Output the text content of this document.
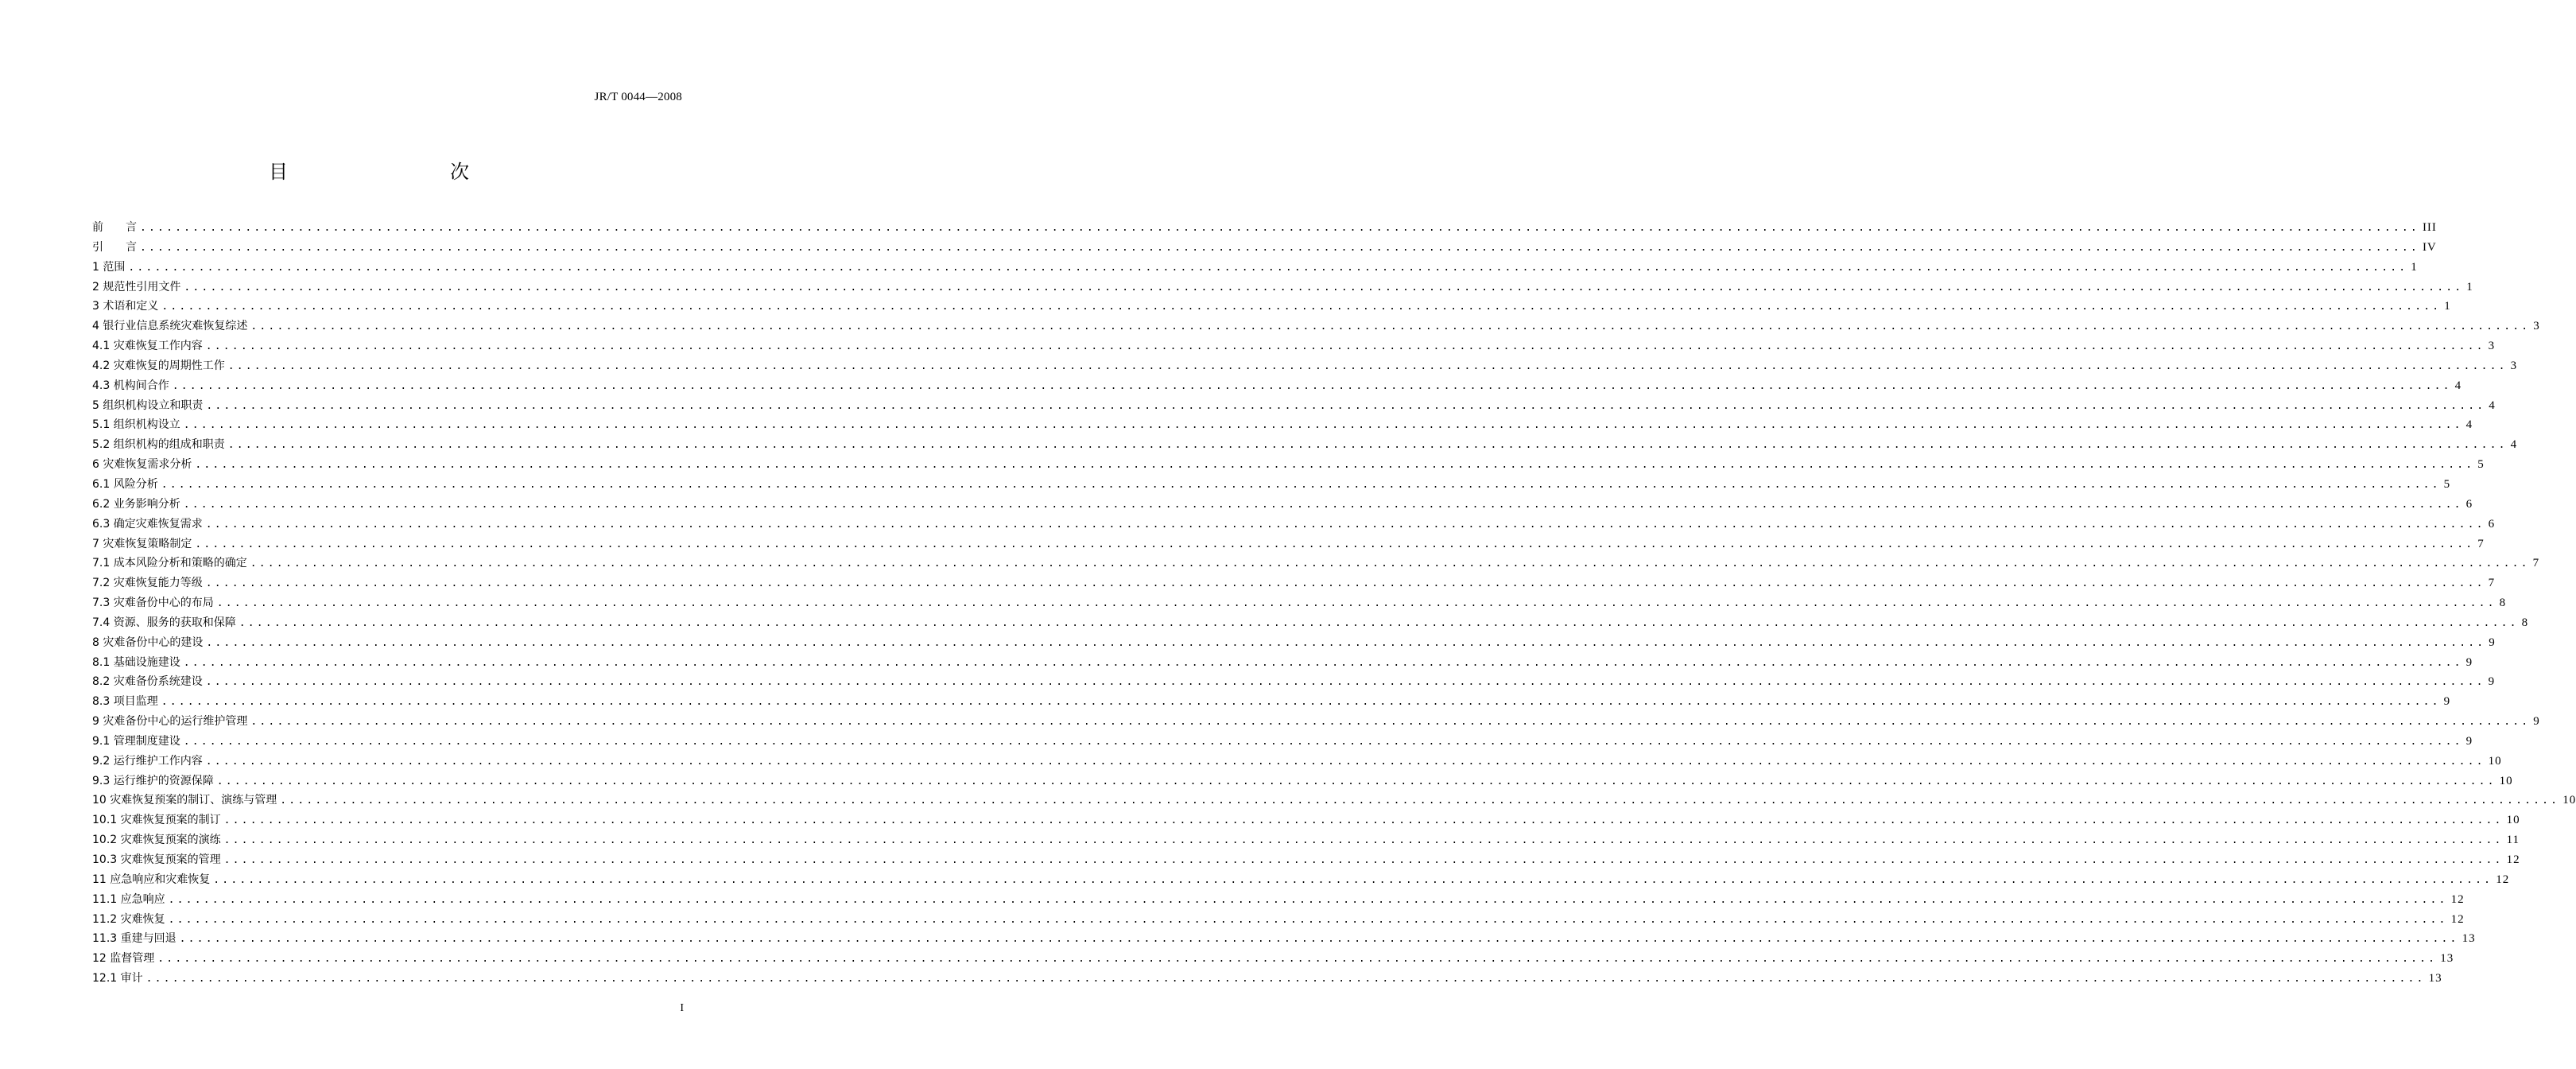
JR/T 0044—2008
目　　次
前　　言 .................................................................................................................................................................................................................................................................... III
引　　言 .................................................................................................................................................................................................................................................................... IV
1 范围 .................................................................................................................................................................................................................................................................... 1
2 规范性引用文件 .................................................................................................................................................................................................................................................................... 1
3 术语和定义 .................................................................................................................................................................................................................................................................... 1
4 银行业信息系统灾难恢复综述 .................................................................................................................................................................................................................................................................... 3
4.1 灾难恢复工作内容 .................................................................................................................................................................................................................................................................... 3
4.2 灾难恢复的周期性工作 .................................................................................................................................................................................................................................................................... 3
4.3 机构间合作 .................................................................................................................................................................................................................................................................... 4
5 组织机构设立和职责 .................................................................................................................................................................................................................................................................... 4
5.1 组织机构设立 .................................................................................................................................................................................................................................................................... 4
5.2 组织机构的组成和职责 .................................................................................................................................................................................................................................................................... 4
6 灾难恢复需求分析 .................................................................................................................................................................................................................................................................... 5
6.1 风险分析 .................................................................................................................................................................................................................................................................... 5
6.2 业务影响分析 .................................................................................................................................................................................................................................................................... 6
6.3 确定灾难恢复需求 .................................................................................................................................................................................................................................................................... 6
7 灾难恢复策略制定 .................................................................................................................................................................................................................................................................... 7
7.1 成本风险分析和策略的确定 .................................................................................................................................................................................................................................................................... 7
7.2 灾难恢复能力等级 .................................................................................................................................................................................................................................................................... 7
7.3 灾难备份中心的布局 .................................................................................................................................................................................................................................................................... 8
7.4 资源、服务的获取和保障 .................................................................................................................................................................................................................................................................... 8
8 灾难备份中心的建设 .................................................................................................................................................................................................................................................................... 9
8.1 基础设施建设 .................................................................................................................................................................................................................................................................... 9
8.2 灾难备份系统建设 .................................................................................................................................................................................................................................................................... 9
8.3 项目监理 .................................................................................................................................................................................................................................................................... 9
9 灾难备份中心的运行维护管理 .................................................................................................................................................................................................................................................................... 9
9.1 管理制度建设 .................................................................................................................................................................................................................................................................... 9
9.2 运行维护工作内容 .................................................................................................................................................................................................................................................................... 10
9.3 运行维护的资源保障 .................................................................................................................................................................................................................................................................... 10
10 灾难恢复预案的制订、演练与管理 .................................................................................................................................................................................................................................................................... 10
10.1 灾难恢复预案的制订 .................................................................................................................................................................................................................................................................... 10
10.2 灾难恢复预案的演练 .................................................................................................................................................................................................................................................................... 11
10.3 灾难恢复预案的管理 .................................................................................................................................................................................................................................................................... 12
11 应急响应和灾难恢复 .................................................................................................................................................................................................................................................................... 12
11.1 应急响应 .................................................................................................................................................................................................................................................................... 12
11.2 灾难恢复 .................................................................................................................................................................................................................................................................... 12
11.3 重建与回退 .................................................................................................................................................................................................................................................................... 13
12 监督管理 .................................................................................................................................................................................................................................................................... 13
12.1 审计 .................................................................................................................................................................................................................................................................... 13
I
